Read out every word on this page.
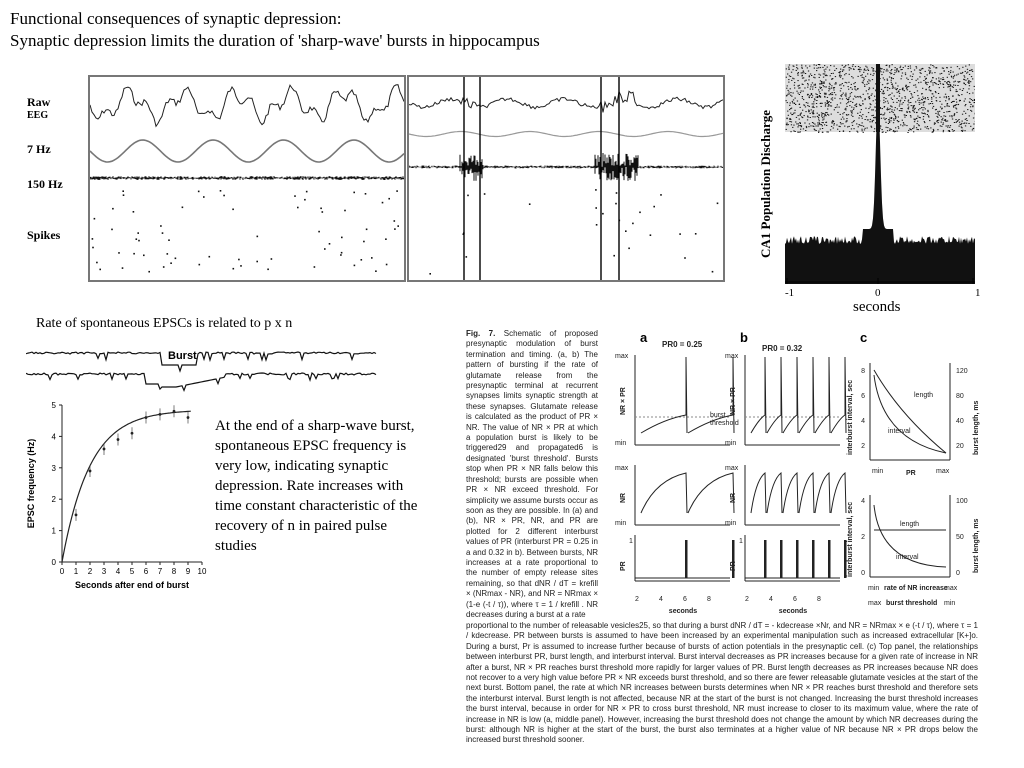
Functional consequences of synaptic depression:
Synaptic depression limits the duration of 'sharp-wave' bursts in hippocampus
Raw
EEG
7 Hz
150 Hz
Spikes	CA1 Population Discharge
-1	0	1
seconds
Rate of spontaneous EPSCs is related to p x n
Burst
0 1 2 3 4 5 6 7 8 9 10
0
1
2
3
4
5
Seconds after end of burst
EPSC frequency (Hz)
At the end of a sharp-wave burst, spontaneous EPSC frequency is very low, indicating synaptic depression. Rate increases with time constant characteristic of the recovery of n in paired pulse studies
Fig. 7. Schematic of proposed presynaptic modulation of burst termination and timing. (a, b) The pattern of bursting if the rate of glutamate release from the presynaptic terminal at recurrent synapses limits synaptic strength at these synapses. Glutamate release is calculated as the product of PR × NR. The value of NR × PR at which a population burst is likely to be triggered29 and propagated6 is designated 'burst threshold'. Bursts stop when PR × NR falls below this threshold; bursts are possible when PR × NR exceed threshold. For simplicity we assume bursts occur as soon as they are possible. In (a) and (b), NR × PR, NR, and PR are plotted for 2 different interburst values of PR (interburst PR = 0.25 in a and 0.32 in b). Between bursts, NR increases at a rate proportional to the number of empty release sites remaining, so that dNR / dT = krefill × (NRmax - NR), and NR = NRmax × (1-e (-t / τ)), where τ = 1 / krefill . NR decreases during a burst at a rate
proportional to the number of releasable vesicles25, so that during a burst dNR / dT = - kdecrease ×Nr, and NR = NRmax × e (-t / τ), where τ = 1 / kdecrease. PR between bursts is assumed to have been increased by an experimental manipulation such as increased extracellular [K+]o. During a burst, Pr is assumed to increase further because of bursts of action potentials in the presynaptic cell. (c) Top panel, the relationships between interburst PR, burst length, and interburst interval. Burst interval decreases as PR increases because for a given rate of increase in NR after a burst, NR × PR reaches burst threshold more rapidly for larger values of PR. Burst length decreases as PR increases because NR does not recover to a very high value before PR × NR exceeds burst threshold, and so there are fewer releasable glutamate vesicles at the start of the next burst. Bottom panel, the rate at which NR increases between bursts determines when NR × PR reaches burst threshold and therefore sets the interburst interval. Burst length is not affected, because NR at the start of the burst is not changed. Increasing the burst threshold increases the burst interval, because in order for NR × PR to cross burst threshold, NR must increase to closer to its maximum value, where the rate of increase in NR is low (a, middle panel). However, increasing the burst threshold does not change the amount by which NR decreases during the burst: although NR is higher at the start of the burst, the burst also terminates at a higher value of NR because NR × PR drops below the increased burst threshold sooner.
a	b	c
PR0 = 0.25	PR0 = 0.32
max
min
max
min
1
2	4	6	8
seconds
NR × PR
NR
PR
burst
threshold
max
min
max
min
1
2	4	6	8
seconds
NR × PR
NR
PR
length
interval
8
6
4
2
120
80
40
20
min	max
PR
interburst interval, sec	burst length, ms
length
interval
4
2
0
100
50
0
min rate of NR increase
max
max burst threshold min
interburst interval, sec	burst length, ms
